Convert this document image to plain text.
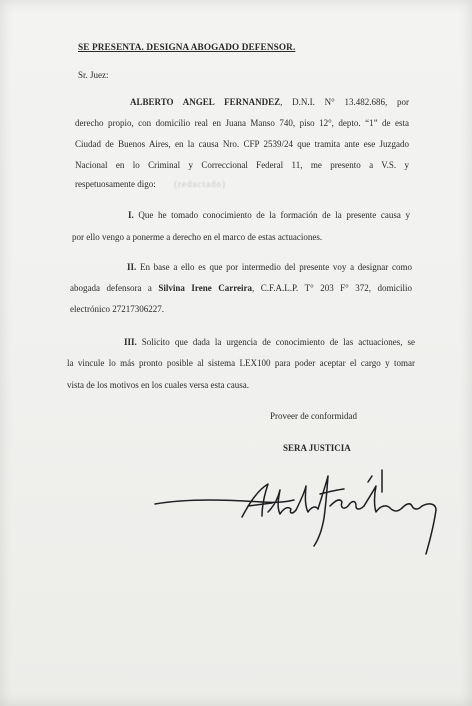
SE PRESENTA. DESIGNA ABOGADO DEFENSOR.
Sr. Juez:
ALBERTO ANGEL FERNANDEZ, D.N.I. N° 13.482.686, por
derecho propio, con domicilio real en Juana Manso 740, piso 12°, depto. “1” de esta
Ciudad de Buenos Aires, en la causa Nro. CFP 2539/24 que tramita ante ese Juzgado
Nacional en lo Criminal y Correccional Federal 11, me presento a V.S. y
respetuosamente digo: (redactado)
I. Que he tomado conocimiento de la formación de la presente causa y
por ello vengo a ponerme a derecho en el marco de estas actuaciones.
II. En base a ello es que por intermedio del presente voy a designar como
abogada defensora a Silvina Irene Carreira, C.F.A.L.P. T° 203 F° 372, domicilio
electrónico 27217306227.
III. Solicito que dada la urgencia de conocimiento de las actuaciones, se
la vincule lo más pronto posible al sistema LEX100 para poder aceptar el cargo y tomar
vista de los motivos en los cuales versa esta causa.
Proveer de conformidad
SERA JUSTICIA
